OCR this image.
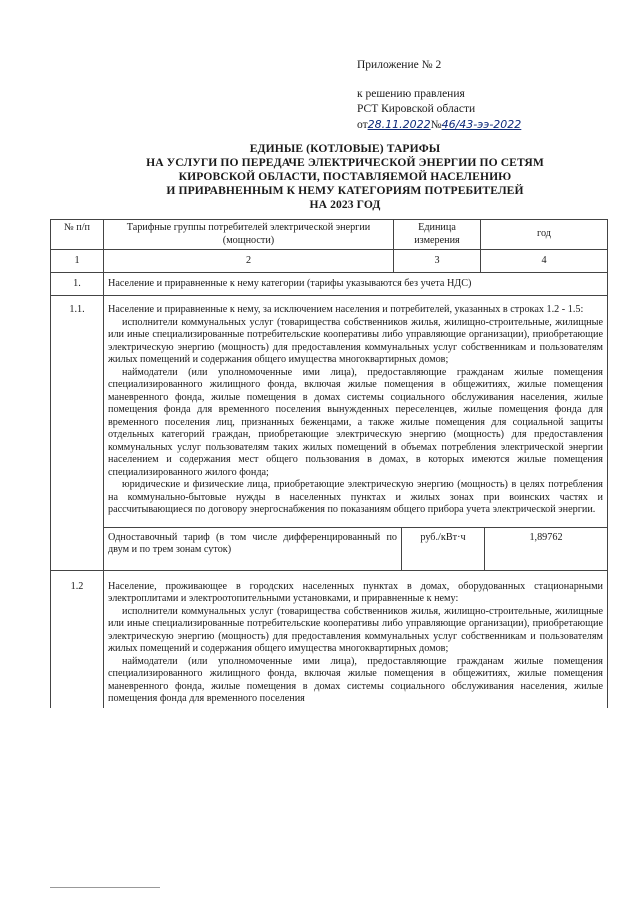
Приложение № 2
к решению правления
РСТ Кировской области
от28.11.2022№46/43-ээ-2022
ЕДИНЫЕ (КОТЛОВЫЕ) ТАРИФЫ
НА УСЛУГИ ПО ПЕРЕДАЧЕ ЭЛЕКТРИЧЕСКОЙ ЭНЕРГИИ ПО СЕТЯМ
КИРОВСКОЙ ОБЛАСТИ, ПОСТАВЛЯЕМОЙ НАСЕЛЕНИЮ
И ПРИРАВНЕННЫМ К НЕМУ КАТЕГОРИЯМ ПОТРЕБИТЕЛЕЙ
НА 2023 ГОД
№ п/п	Тарифные группы потребителей электрической энергии (мощности)	Единица измерения	год
1	2	3	4
1.	Население и приравненные к нему категории (тарифы указываются без учета НДС)
1.1.	Население и приравненные к нему, за исключением населения и потребителей, указанных в строках 1.2 - 1.5:

исполнители коммунальных услуг (товарищества собственников жилья, жилищно-строительные, жилищные или иные специализированные потребительские кооперативы либо управляющие организации), приобретающие электрическую энергию (мощность) для предоставления коммунальных услуг собственникам и пользователям жилых помещений и содержания общего имущества многоквартирных домов;

наймодатели (или уполномоченные ими лица), предоставляющие гражданам жилые помещения специализированного жилищного фонда, включая жилые помещения в общежитиях, жилые помещения маневренного фонда, жилые помещения в домах системы социального обслуживания населения, жилые помещения фонда для временного поселения вынужденных переселенцев, жилые помещения фонда для временного поселения лиц, признанных беженцами, а также жилые помещения для социальной защиты отдельных категорий граждан, приобретающие электрическую энергию (мощность) для предоставления коммунальных услуг пользователям таких жилых помещений в объемах потребления электрической энергии населением и содержания мест общего пользования в домах, в которых имеются жилые помещения специализированного жилого фонда;

юридические и физические лица, приобретающие электрическую энергию (мощность) в целях потребления на коммунально-бытовые нужды в населенных пунктах и жилых зонах при воинских частях и рассчитывающиеся по договору энергоснабжения по показаниям общего прибора учета электрической энергии.

Одноставочный тариф (в том числе дифференцированный по двум и по трем зонам суток)	руб./кВт·ч	1,89762

1.2	Население, проживающее в городских населенных пунктах в домах, оборудованных стационарными электроплитами и электроотопительными установками, и приравненные к нему:

исполнители коммунальных услуг (товарищества собственников жилья, жилищно-строительные, жилищные или иные специализированные потребительские кооперативы либо управляющие организации), приобретающие электрическую энергию (мощность) для предоставления коммунальных услуг собственникам и пользователям жилых помещений и содержания общего имущества многоквартирных домов;

наймодатели (или уполномоченные ими лица), предоставляющие гражданам жилые помещения специализированного жилищного фонда, включая жилые помещения в общежитиях, жилые помещения маневренного фонда, жилые помещения в домах системы социального обслуживания населения, жилые помещения фонда для временного поселения
